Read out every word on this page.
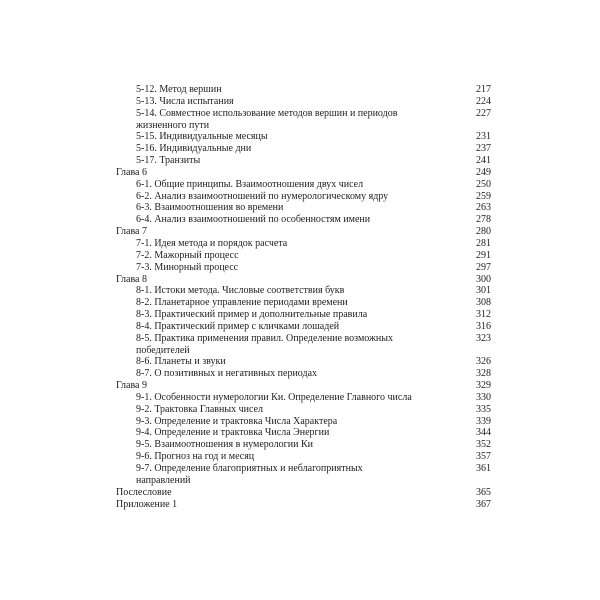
5-12. Метод вершин	217
5-13. Числа испытания	224
5-14. Совместное использование методов вершин и периодов	227
жизненного пути
5-15. Индивидуальные месяцы	231
5-16. Индивидуальные дни	237
5-17. Транзиты	241
Глава 6	249
6-1. Общие принципы. Взаимоотношения двух чисел	250
6-2. Анализ взаимоотношений по нумерологическому ядру	259
6-3. Взаимоотношения во времени	263
6-4. Анализ взаимоотношений по особенностям имени	278
Глава 7	280
7-1. Идея метода и порядок расчета	281
7-2. Мажорный процесс	291
7-3. Минорный процесс	297
Глава 8	300
8-1. Истоки метода. Числовые соответствия букв	301
8-2. Планетарное управление периодами времени	308
8-3. Практический пример и дополнительные правила	312
8-4. Практический пример с кличками лошадей	316
8-5. Практика применения правил. Определение возможных	323
победителей
8-6. Планеты и звуки	326
8-7. О позитивных и негативных периодах	328
Глава 9	329
9-1. Особенности нумерологии Ки. Определение Главного числа	330
9-2. Трактовка Главных чисел	335
9-3. Определение и трактовка Числа Характера	339
9-4. Определение и трактовка Числа Энергии	344
9-5. Взаимоотношения в нумерологии Ки	352
9-6. Прогноз на год и месяц	357
9-7. Определение благоприятных и неблагоприятных	361
направлений
Послесловие	365
Приложение 1	367
